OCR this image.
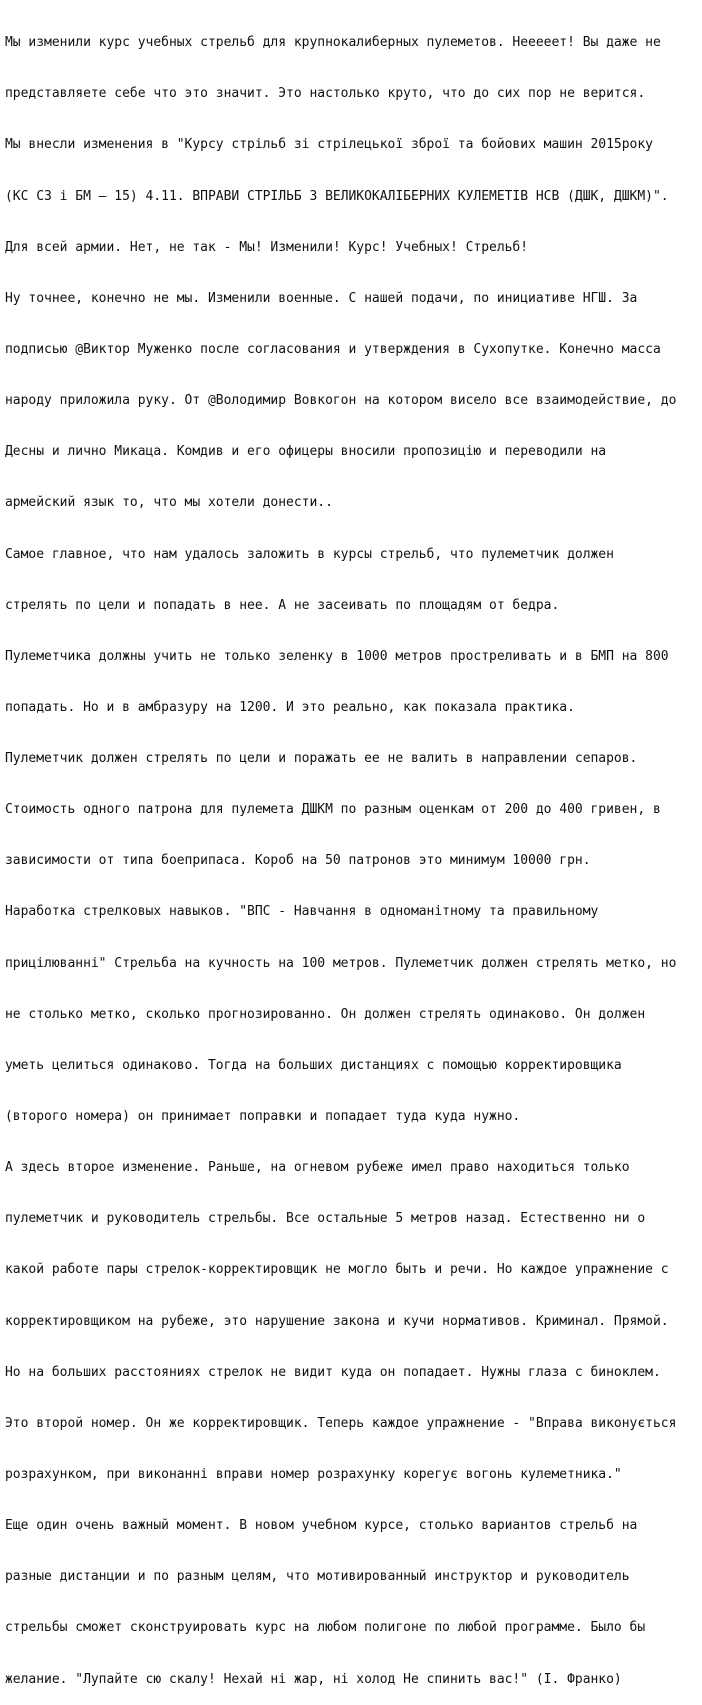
Мы изменили курс учебных стрельб для крупнокалиберных пулеметов. Нееееет! Вы даже не

представляете себе что это значит. Это настолько круто, что до сих пор не верится.

Мы внесли изменения в "Курсу стрільб зі стрілецької зброї та бойових машин 2015року

(КС СЗ і БМ – 15) 4.11. ВПРАВИ СТРІЛЬБ З ВЕЛИКОКАЛІБЕРНИХ КУЛЕМЕТІВ НСВ (ДШК, ДШКМ)".

Для всей армии. Нет, не так - Мы! Изменили! Курс! Учебных! Стрельб!

Ну точнее, конечно не мы. Изменили военные. С нашей подачи, по инициативе НГШ. За

подписью @Виктор Муженко после согласования и утверждения в Сухопутке. Конечно масса

народу приложила руку. От @Володимир Вовкогон на котором висело все взаимодействие, до

Десны и лично Микаца. Комдив и его офицеры вносили пропозицію и переводили на

армейский язык то, что мы хотели донести..

Самое главное, что нам удалось заложить в курсы стрельб, что пулеметчик должен

стрелять по цели и попадать в нее. А не засеивать по площадям от бедра.

Пулеметчика должны учить не только зеленку в 1000 метров простреливать и в БМП на 800

попадать. Но и в амбразуру на 1200. И это реально, как показала практика.

Пулеметчик должен стрелять по цели и поражать ее не валить в направлении сепаров.

Стоимость одного патрона для пулемета ДШКМ по разным оценкам от 200 до 400 гривен, в

зависимости от типа боеприпаса. Короб на 50 патронов это минимум 10000 грн.

Наработка стрелковых навыков. "ВПС - Навчання в одноманітному та правильному

прицілюванні" Стрельба на кучность на 100 метров. Пулеметчик должен стрелять метко, но

не столько метко, сколько прогнозированно. Он должен стрелять одинаково. Он должен

уметь целиться одинаково. Тогда на больших дистанциях с помощью корректировщика

(второго номера) он принимает поправки и попадает туда куда нужно.

А здесь второе изменение. Раньше, на огневом рубеже имел право находиться только

пулеметчик и руководитель стрельбы. Все остальные 5 метров назад. Естественно ни о

какой работе пары стрелок-корректировщик не могло быть и речи. Но каждое упражнение с

корректировщиком на рубеже, это нарушение закона и кучи нормативов. Криминал. Прямой.

Но на больших расстояниях стрелок не видит куда он попадает. Нужны глаза с биноклем.

Это второй номер. Он же корректировщик. Теперь каждое упражнение - "Вправа виконується

розрахунком, при виконанні вправи номер розрахунку корегує вогонь кулеметника."

Еще один очень важный момент. В новом учебном курсе, столько вариантов стрельб на

разные дистанции и по разным целям, что мотивированный инструктор и руководитель

стрельбы сможет сконструировать курс на любом полигоне по любой программе. Было бы

желание. "Лупайте сю скалу! Нехай ні жар, ні холод Не спинить вас!" (І. Франко)
